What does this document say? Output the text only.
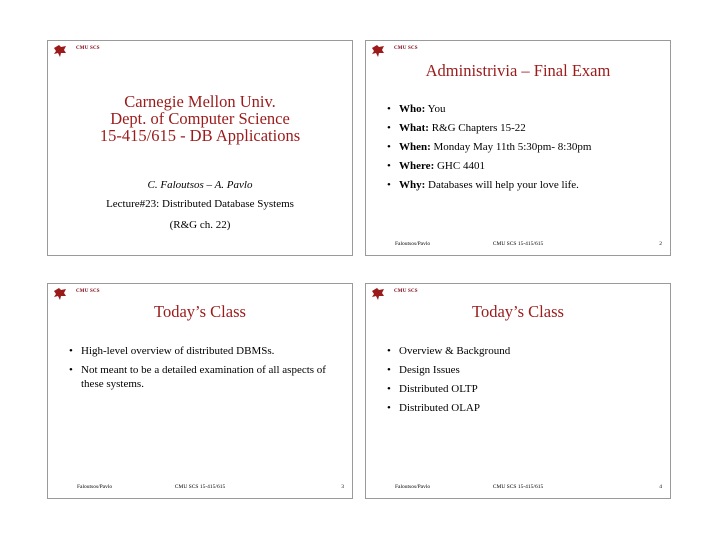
CMU SCS
Carnegie Mellon Univ.
Dept. of Computer Science
15-415/615 - DB Applications
C. Faloutsos – A. Pavlo
Lecture#23: Distributed Database Systems
(R&G ch. 22)
CMU SCS
Administrivia – Final Exam
• Who: You
• What: R&G Chapters 15-22
• When: Monday May 11th 5:30pm- 8:30pm
• Where: GHC 4401
• Why: Databases will help your love life.
Faloutsos/Pavlo	CMU SCS 15-415/615	2
CMU SCS
Today’s Class
• High-level overview of distributed DBMSs.
• Not meant to be a detailed examination of all aspects of these systems.
Faloutsos/Pavlo	CMU SCS 15-415/615	3
CMU SCS
Today’s Class
• Overview & Background
• Design Issues
• Distributed OLTP
• Distributed OLAP
Faloutsos/Pavlo	CMU SCS 15-415/615	4
